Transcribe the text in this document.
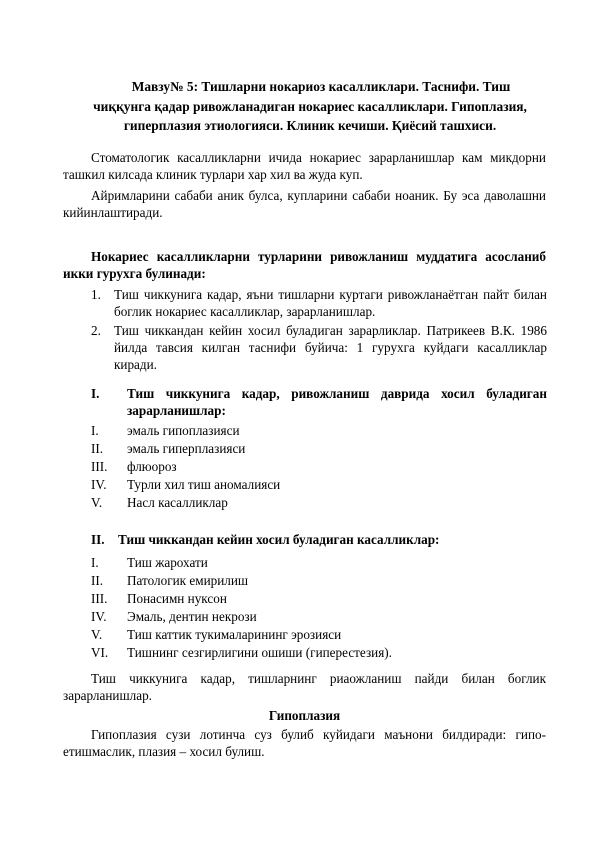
Мавзу№ 5: Тишларни нокариоз касалликлари. Таснифи. Тиш
чиққунга қадар ривожланадиган нокариес касалликлари. Гипоплазия,
гиперплазия этиологияси. Клиник кечиши. Қиёсий ташхиси.
Стоматологик касалликларни ичида нокариес зарарланишлар кам микдорни ташкил килсада клиник турлари хар хил ва жуда куп.
Айримларини сабаби аник булса, купларини сабаби ноаник. Бу эса даволашни кийинлаштиради.
Нокариес касалликларни турларини ривожланиш муддатига асосланиб икки гурухга булинади:
1. Тиш чиккунига кадар, яъни тишларни куртаги ривожланаётган пайт билан боглик нокариес касалликлар, зарарланишлар.
2. Тиш чиккандан кейин хосил буладиган зарарликлар. Патрикеев В.К. 1986 йилда тавсия килган таснифи буйича: 1 гурухга куйдаги касалликлар киради.
I. Тиш чиккунига кадар, ривожланиш даврида хосил буладиган зарарланишлар:
I. эмаль гипоплазияси
II. эмаль гиперплазияси
III. флюороз
IV. Турли хил тиш аномалияси
V. Насл касалликлар
II. Тиш чиккандан кейин хосил буладиган касалликлар:
I. Тиш жарохати
II. Патологик емирилиш
III. Понасимн нуксон
IV. Эмаль, дентин некрози
V. Тиш каттик тукималарининг эрозияси
VI. Тишнинг сезгирлигини ошиши (гиперестезия).
Тиш чиккунига кадар, тишларнинг риаожланиш пайди билан боглик зарарланишлар.
Гипоплазия
Гипоплазия сузи лотинча суз булиб куйидаги маънони билдиради: гипо-етишмаслик, плазия – хосил булиш.
